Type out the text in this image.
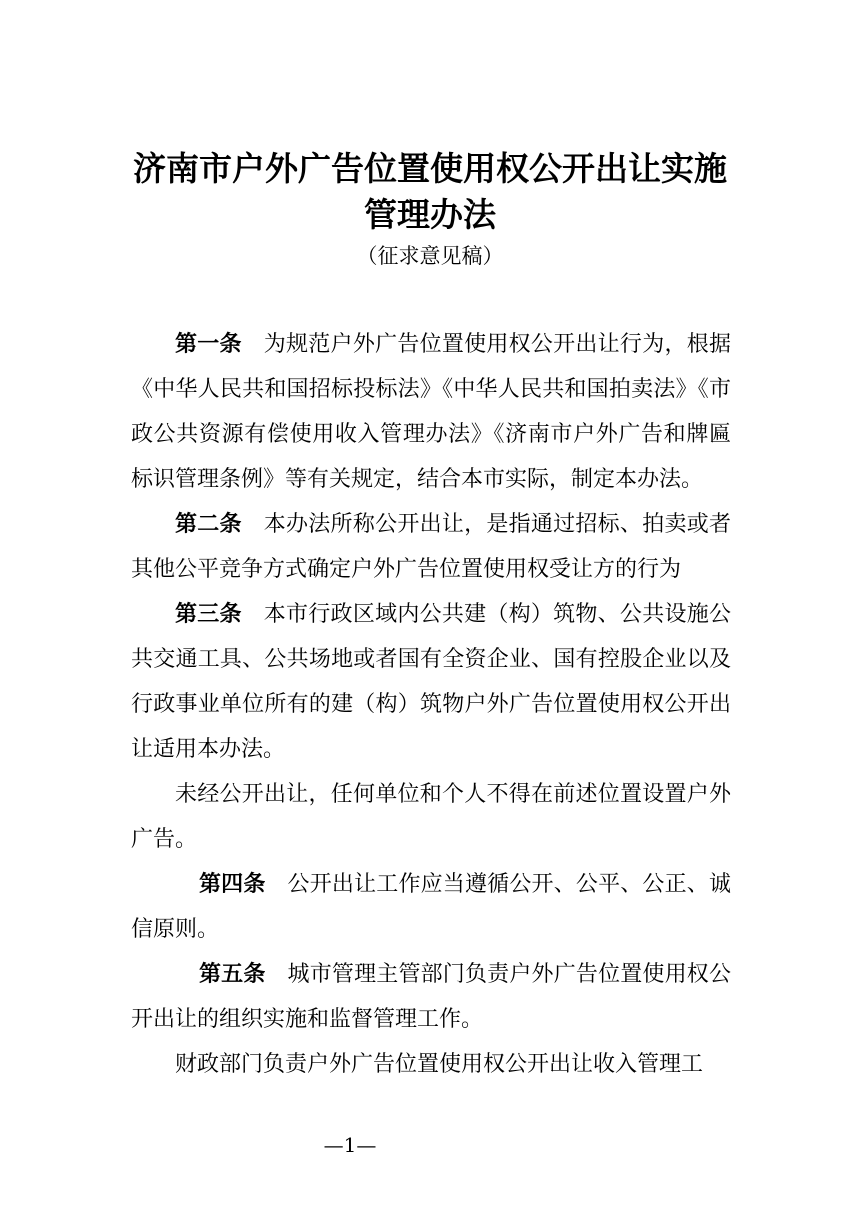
济南市户外广告位置使用权公开出让实施
管理办法
（征求意见稿）

第一条 为规范户外广告位置使用权公开出让行为，根据《中华人民共和国招标投标法》《中华人民共和国拍卖法》《市政公共资源有偿使用收入管理办法》《济南市户外广告和牌匾标识管理条例》等有关规定，结合本市实际，制定本办法。

第二条 本办法所称公开出让，是指通过招标、拍卖或者其他公平竞争方式确定户外广告位置使用权受让方的行为

第三条 本市行政区域内公共建（构）筑物、公共设施公共交通工具、公共场地或者国有全资企业、国有控股企业以及行政事业单位所有的建（构）筑物户外广告位置使用权公开出让适用本办法。

未经公开出让，任何单位和个人不得在前述位置设置户外广告。

第四条 公开出让工作应当遵循公开、公平、公正、诚信原则。

第五条 城市管理主管部门负责户外广告位置使用权公开出让的组织实施和监督管理工作。

财政部门负责户外广告位置使用权公开出让收入管理工

—1—
